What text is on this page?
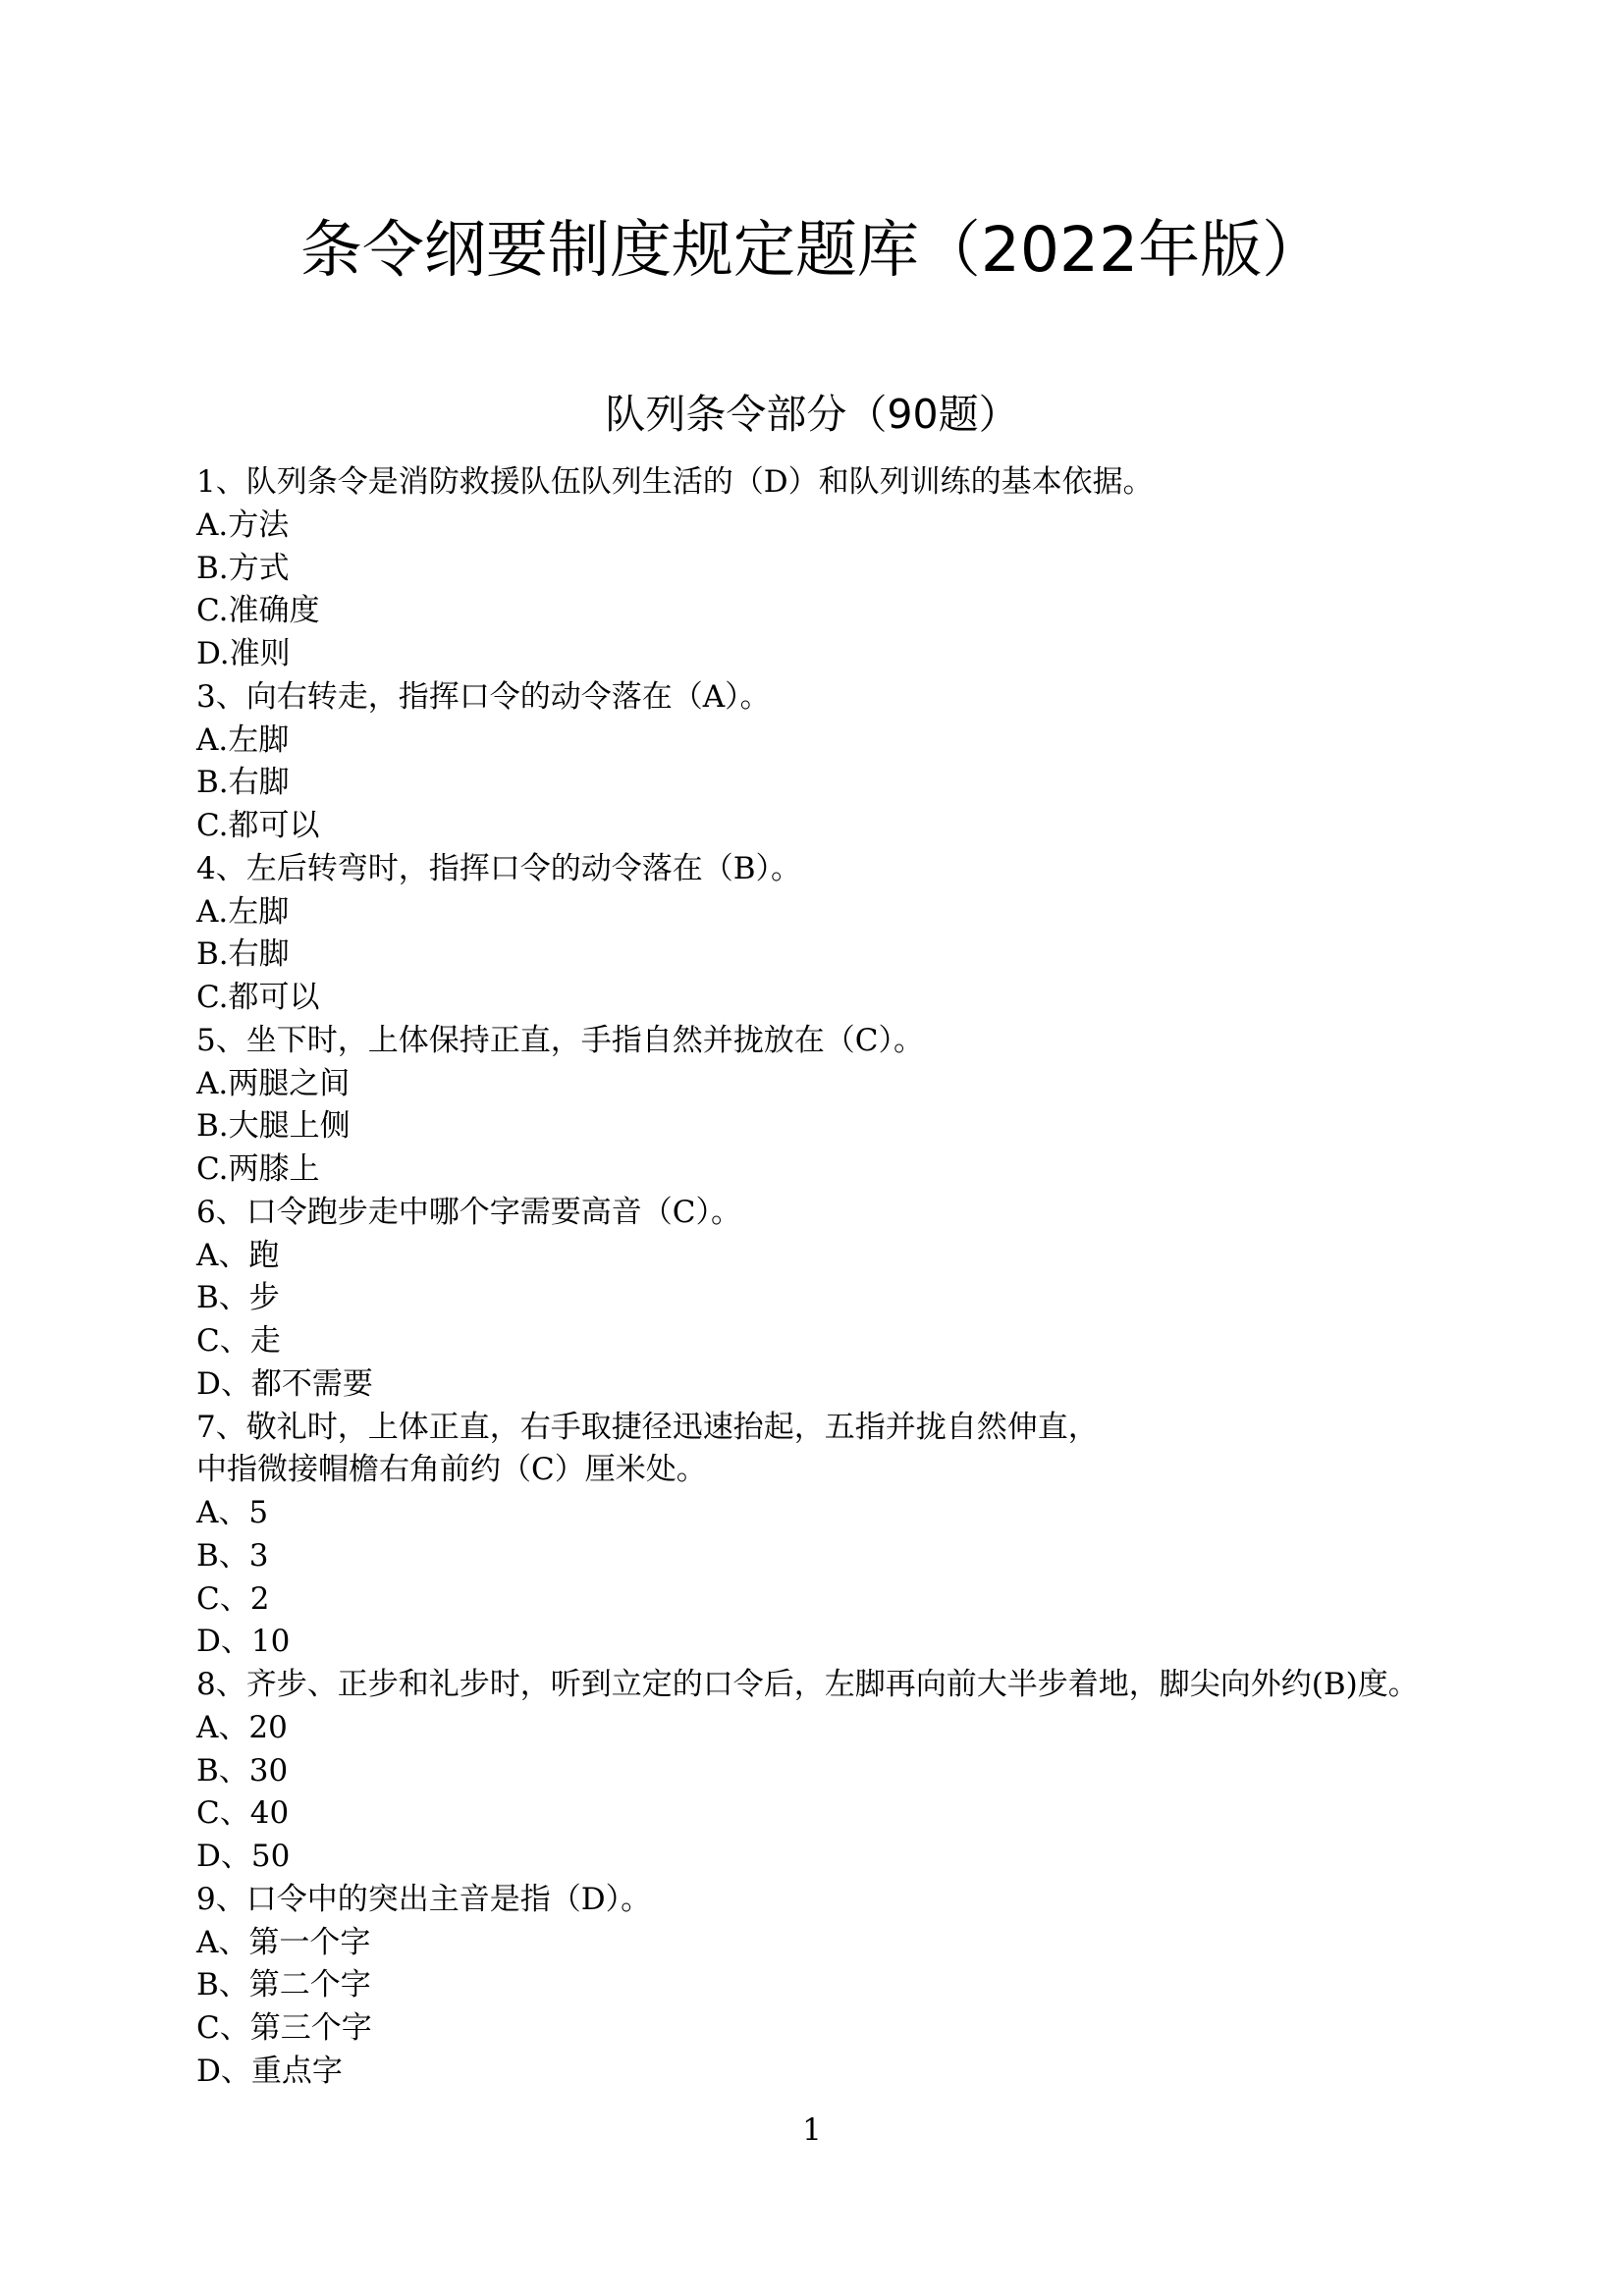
条令纲要制度规定题库（2022年版）
队列条令部分（90题）
1、队列条令是消防救援队伍队列生活的（D）和队列训练的基本依据。
A.方法
B.方式
C.准确度
D.准则
3、向右转走，指挥口令的动令落在（A）。
A.左脚
B.右脚
C.都可以
4、左后转弯时，指挥口令的动令落在（B）。
A.左脚
B.右脚
C.都可以
5、坐下时，上体保持正直，手指自然并拢放在（C）。
A.两腿之间
B.大腿上侧
C.两膝上
6、口令跑步走中哪个字需要高音（C）。
A、跑
B、步
C、走
D、都不需要
7、敬礼时，上体正直，右手取捷径迅速抬起，五指并拢自然伸直，
中指微接帽檐右角前约（C）厘米处。
A、5
B、3
C、2
D、10
8、齐步、正步和礼步时，听到立定的口令后，左脚再向前大半步着地，脚尖向外约(B)度。
A、20
B、30
C、40
D、50
9、口令中的突出主音是指（D）。
A、第一个字
B、第二个字
C、第三个字
D、重点字
1
